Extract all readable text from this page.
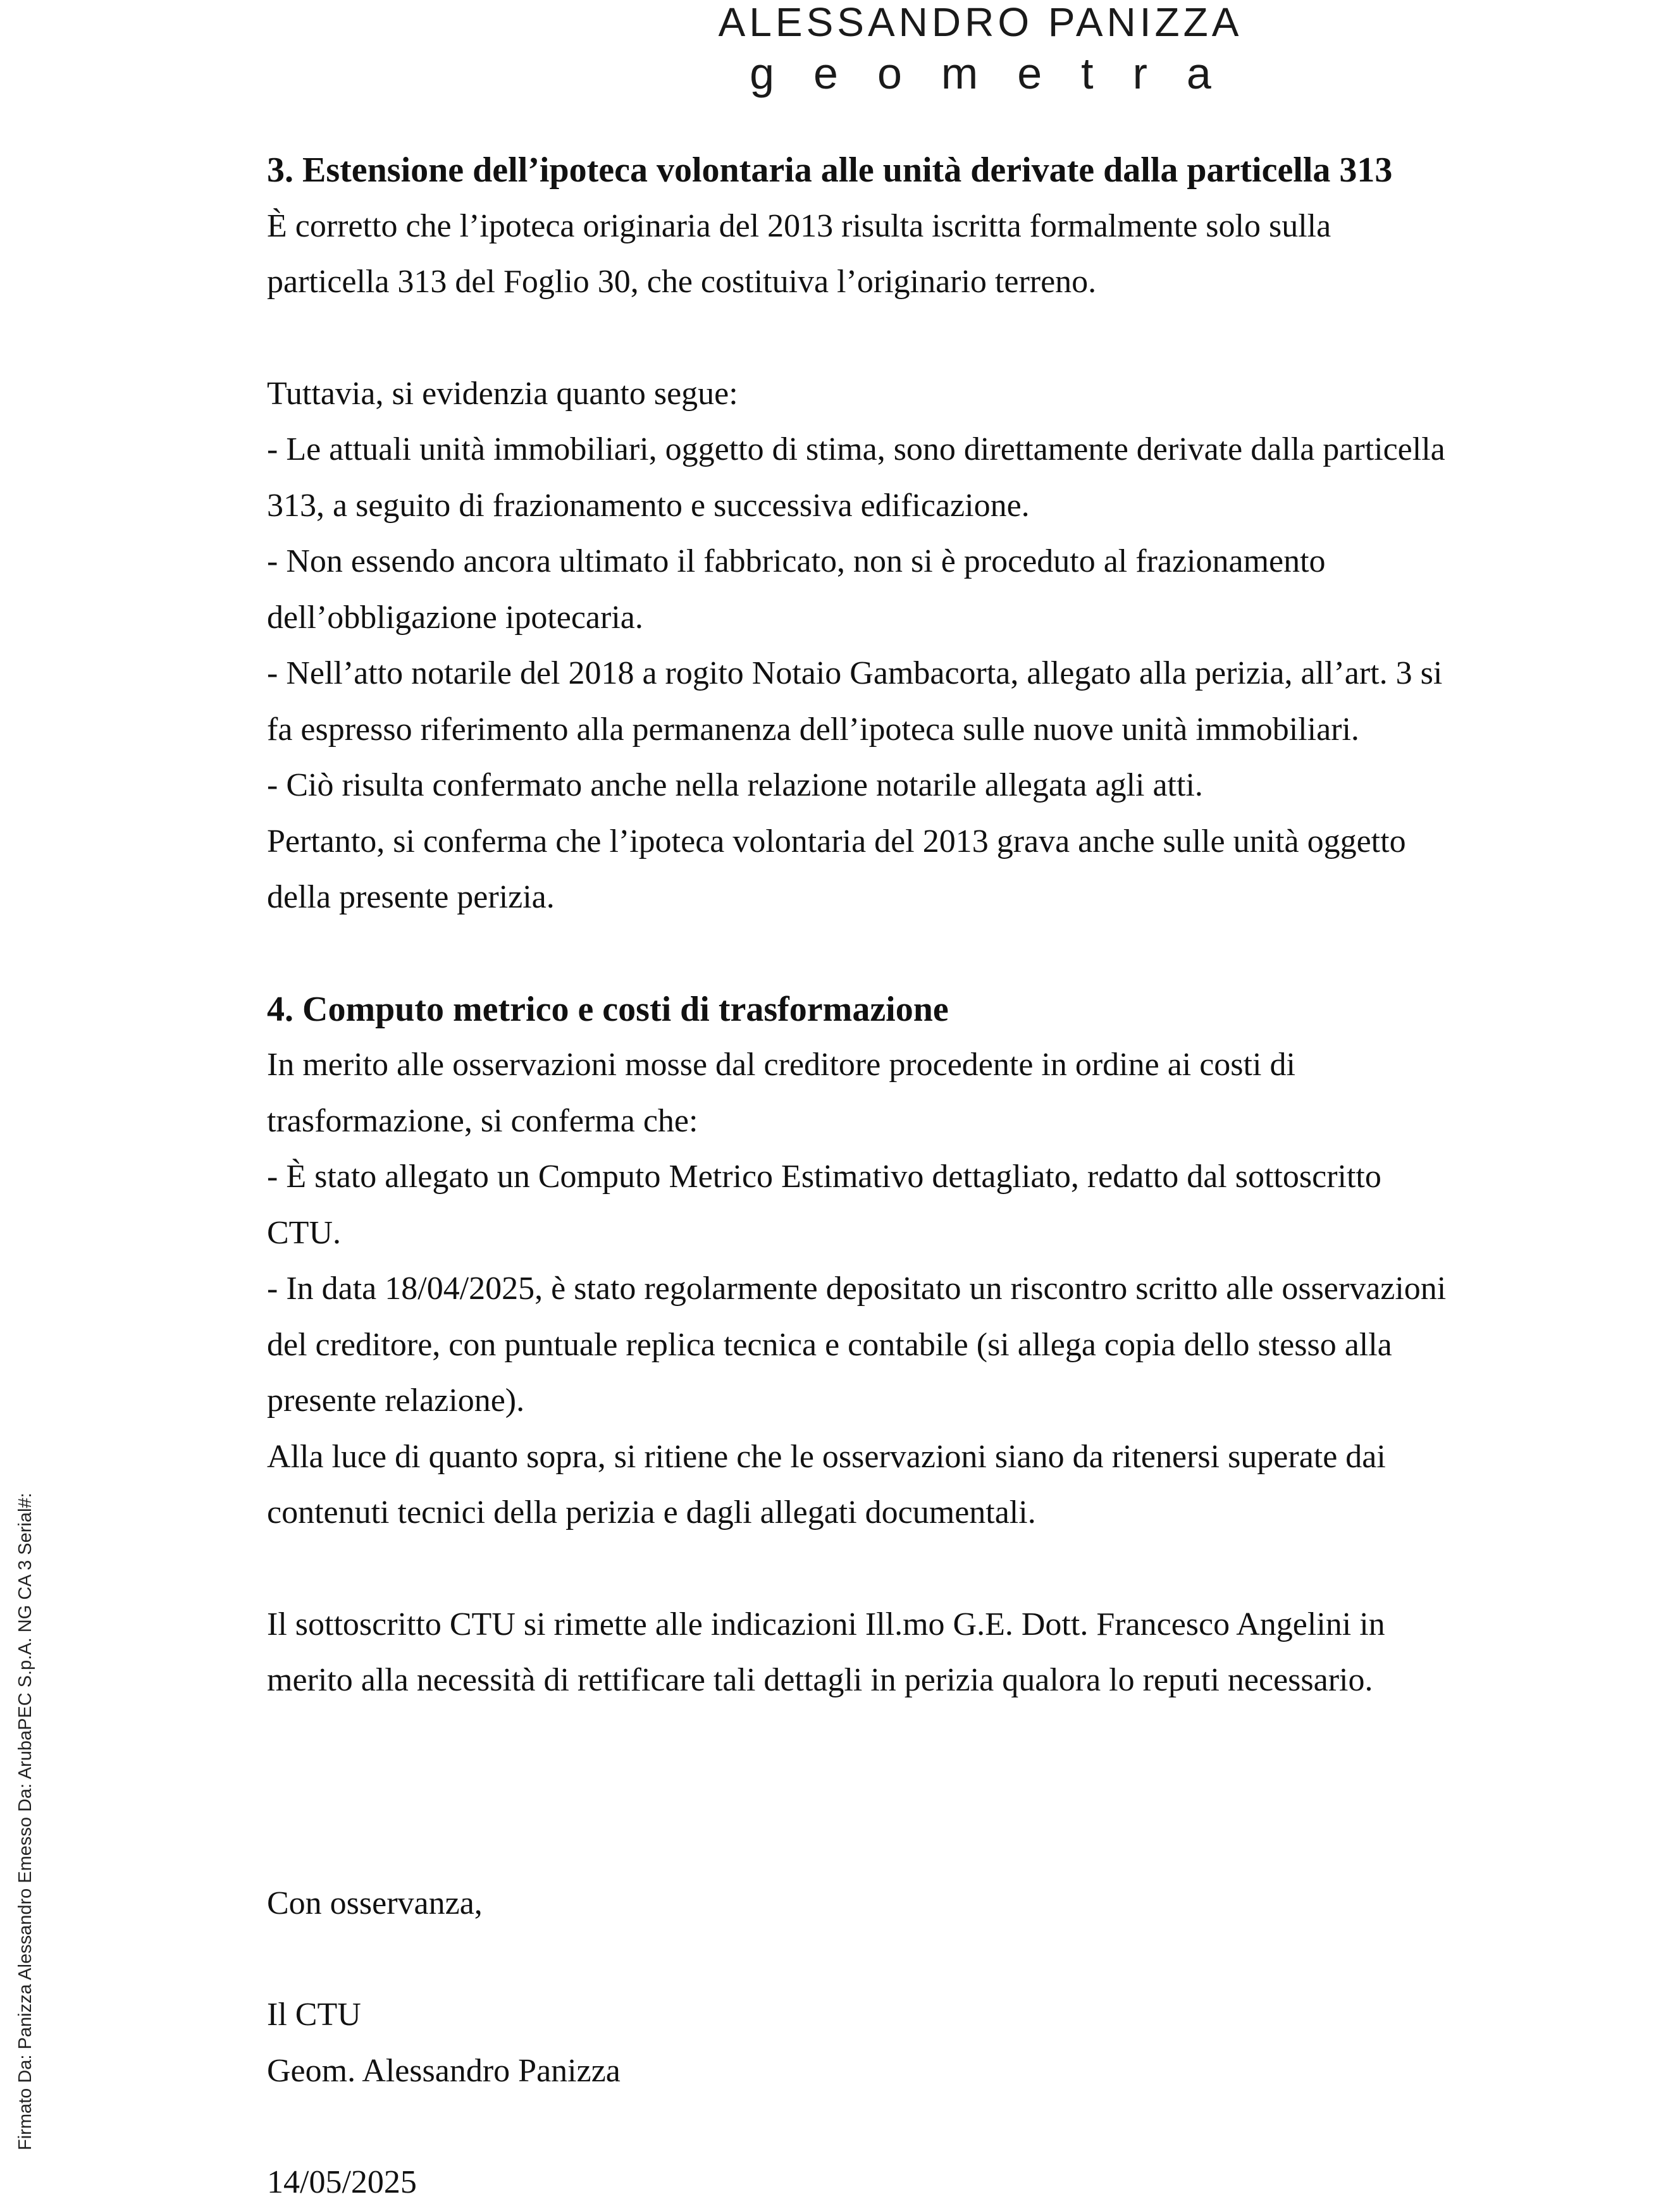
ALESSANDRO PANIZZA
geometra

3. Estensione dell’ipoteca volontaria alle unità derivate dalla particella 313

È corretto che l’ipoteca originaria del 2013 risulta iscritta formalmente solo sulla

particella 313 del Foglio 30, che costituiva l’originario terreno.

Tuttavia, si evidenzia quanto segue:

- Le attuali unità immobiliari, oggetto di stima, sono direttamente derivate dalla particella

313, a seguito di frazionamento e successiva edificazione.

- Non essendo ancora ultimato il fabbricato, non si è proceduto al frazionamento

dell’obbligazione ipotecaria.

- Nell’atto notarile del 2018 a rogito Notaio Gambacorta, allegato alla perizia, all’art. 3 si

fa espresso riferimento alla permanenza dell’ipoteca sulle nuove unità immobiliari.

- Ciò risulta confermato anche nella relazione notarile allegata agli atti.

Pertanto, si conferma che l’ipoteca volontaria del 2013 grava anche sulle unità oggetto

della presente perizia.

4. Computo metrico e costi di trasformazione

In merito alle osservazioni mosse dal creditore procedente in ordine ai costi di

trasformazione, si conferma che:

- È stato allegato un Computo Metrico Estimativo dettagliato, redatto dal sottoscritto

CTU.

- In data 18/04/2025, è stato regolarmente depositato un riscontro scritto alle osservazioni

del creditore, con puntuale replica tecnica e contabile (si allega copia dello stesso alla

presente relazione).

Alla luce di quanto sopra, si ritiene che le osservazioni siano da ritenersi superate dai

contenuti tecnici della perizia e dagli allegati documentali.

Il sottoscritto CTU si rimette alle indicazioni Ill.mo G.E. Dott. Francesco Angelini in

merito alla necessità di rettificare tali dettagli in perizia qualora lo reputi necessario.

Con osservanza,

Il CTU

Geom. Alessandro Panizza

14/05/2025

Firmato Da: Panizza Alessandro Emesso Da: ArubaPEC S.p.A. NG CA 3 Serial#:
